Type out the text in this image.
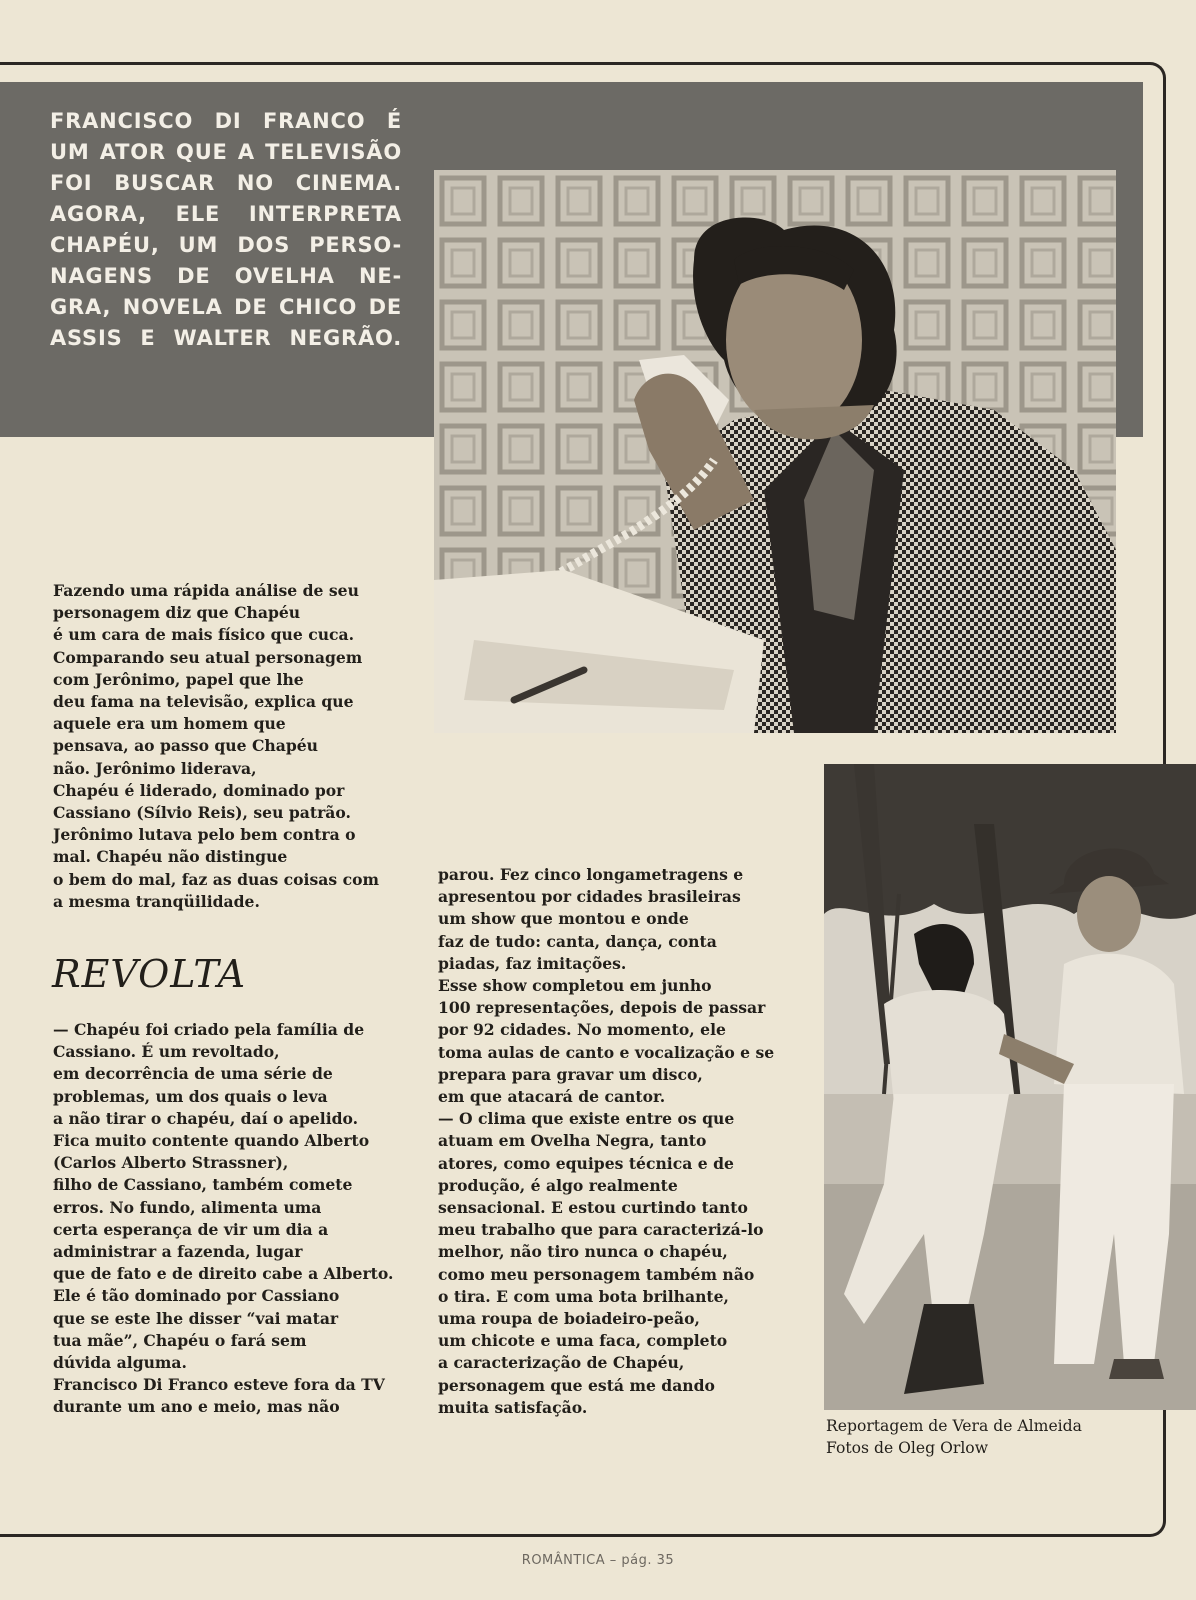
FRANCISCO DI FRANCO É
UM ATOR QUE A TELEVISÃO
FOI BUSCAR NO CINEMA.
AGORA, ELE INTERPRETA
CHAPÉU, UM DOS PERSO-
NAGENS DE OVELHA NE-
GRA, NOVELA DE CHICO DE
ASSIS E WALTER NEGRÃO.
Fazendo uma rápida análise de seu
personagem diz que Chapéu
é um cara de mais físico que cuca.
Comparando seu atual personagem
com Jerônimo, papel que lhe
deu fama na televisão, explica que
aquele era um homem que
pensava, ao passo que Chapéu
não. Jerônimo liderava,
Chapéu é liderado, dominado por
Cassiano (Sílvio Reis), seu patrão.
Jerônimo lutava pelo bem contra o
mal. Chapéu não distingue
o bem do mal, faz as duas coisas com
a mesma tranqüilidade.
REVOLTA
— Chapéu foi criado pela família de
Cassiano. É um revoltado,
em decorrência de uma série de
problemas, um dos quais o leva
a não tirar o chapéu, daí o apelido.
Fica muito contente quando Alberto
(Carlos Alberto Strassner),
filho de Cassiano, também comete
erros. No fundo, alimenta uma
certa esperança de vir um dia a
administrar a fazenda, lugar
que de fato e de direito cabe a Alberto.
Ele é tão dominado por Cassiano
que se este lhe disser “vai matar
tua mãe”, Chapéu o fará sem
dúvida alguma.
Francisco Di Franco esteve fora da TV
durante um ano e meio, mas não
parou. Fez cinco longametragens e
apresentou por cidades brasileiras
um show que montou e onde
faz de tudo: canta, dança, conta
piadas, faz imitações.
Esse show completou em junho
100 representações, depois de passar
por 92 cidades. No momento, ele
toma aulas de canto e vocalização e se
prepara para gravar um disco,
em que atacará de cantor.
— O clima que existe entre os que
atuam em Ovelha Negra, tanto
atores, como equipes técnica e de
produção, é algo realmente
sensacional. E estou curtindo tanto
meu trabalho que para caracterizá-lo
melhor, não tiro nunca o chapéu,
como meu personagem também não
o tira. E com uma bota brilhante,
uma roupa de boiadeiro-peão,
um chicote e uma faca, completo
a caracterização de Chapéu,
personagem que está me dando
muita satisfação.
Reportagem de Vera de Almeida
Fotos de Oleg Orlow
ROMÂNTICA – pág. 35
